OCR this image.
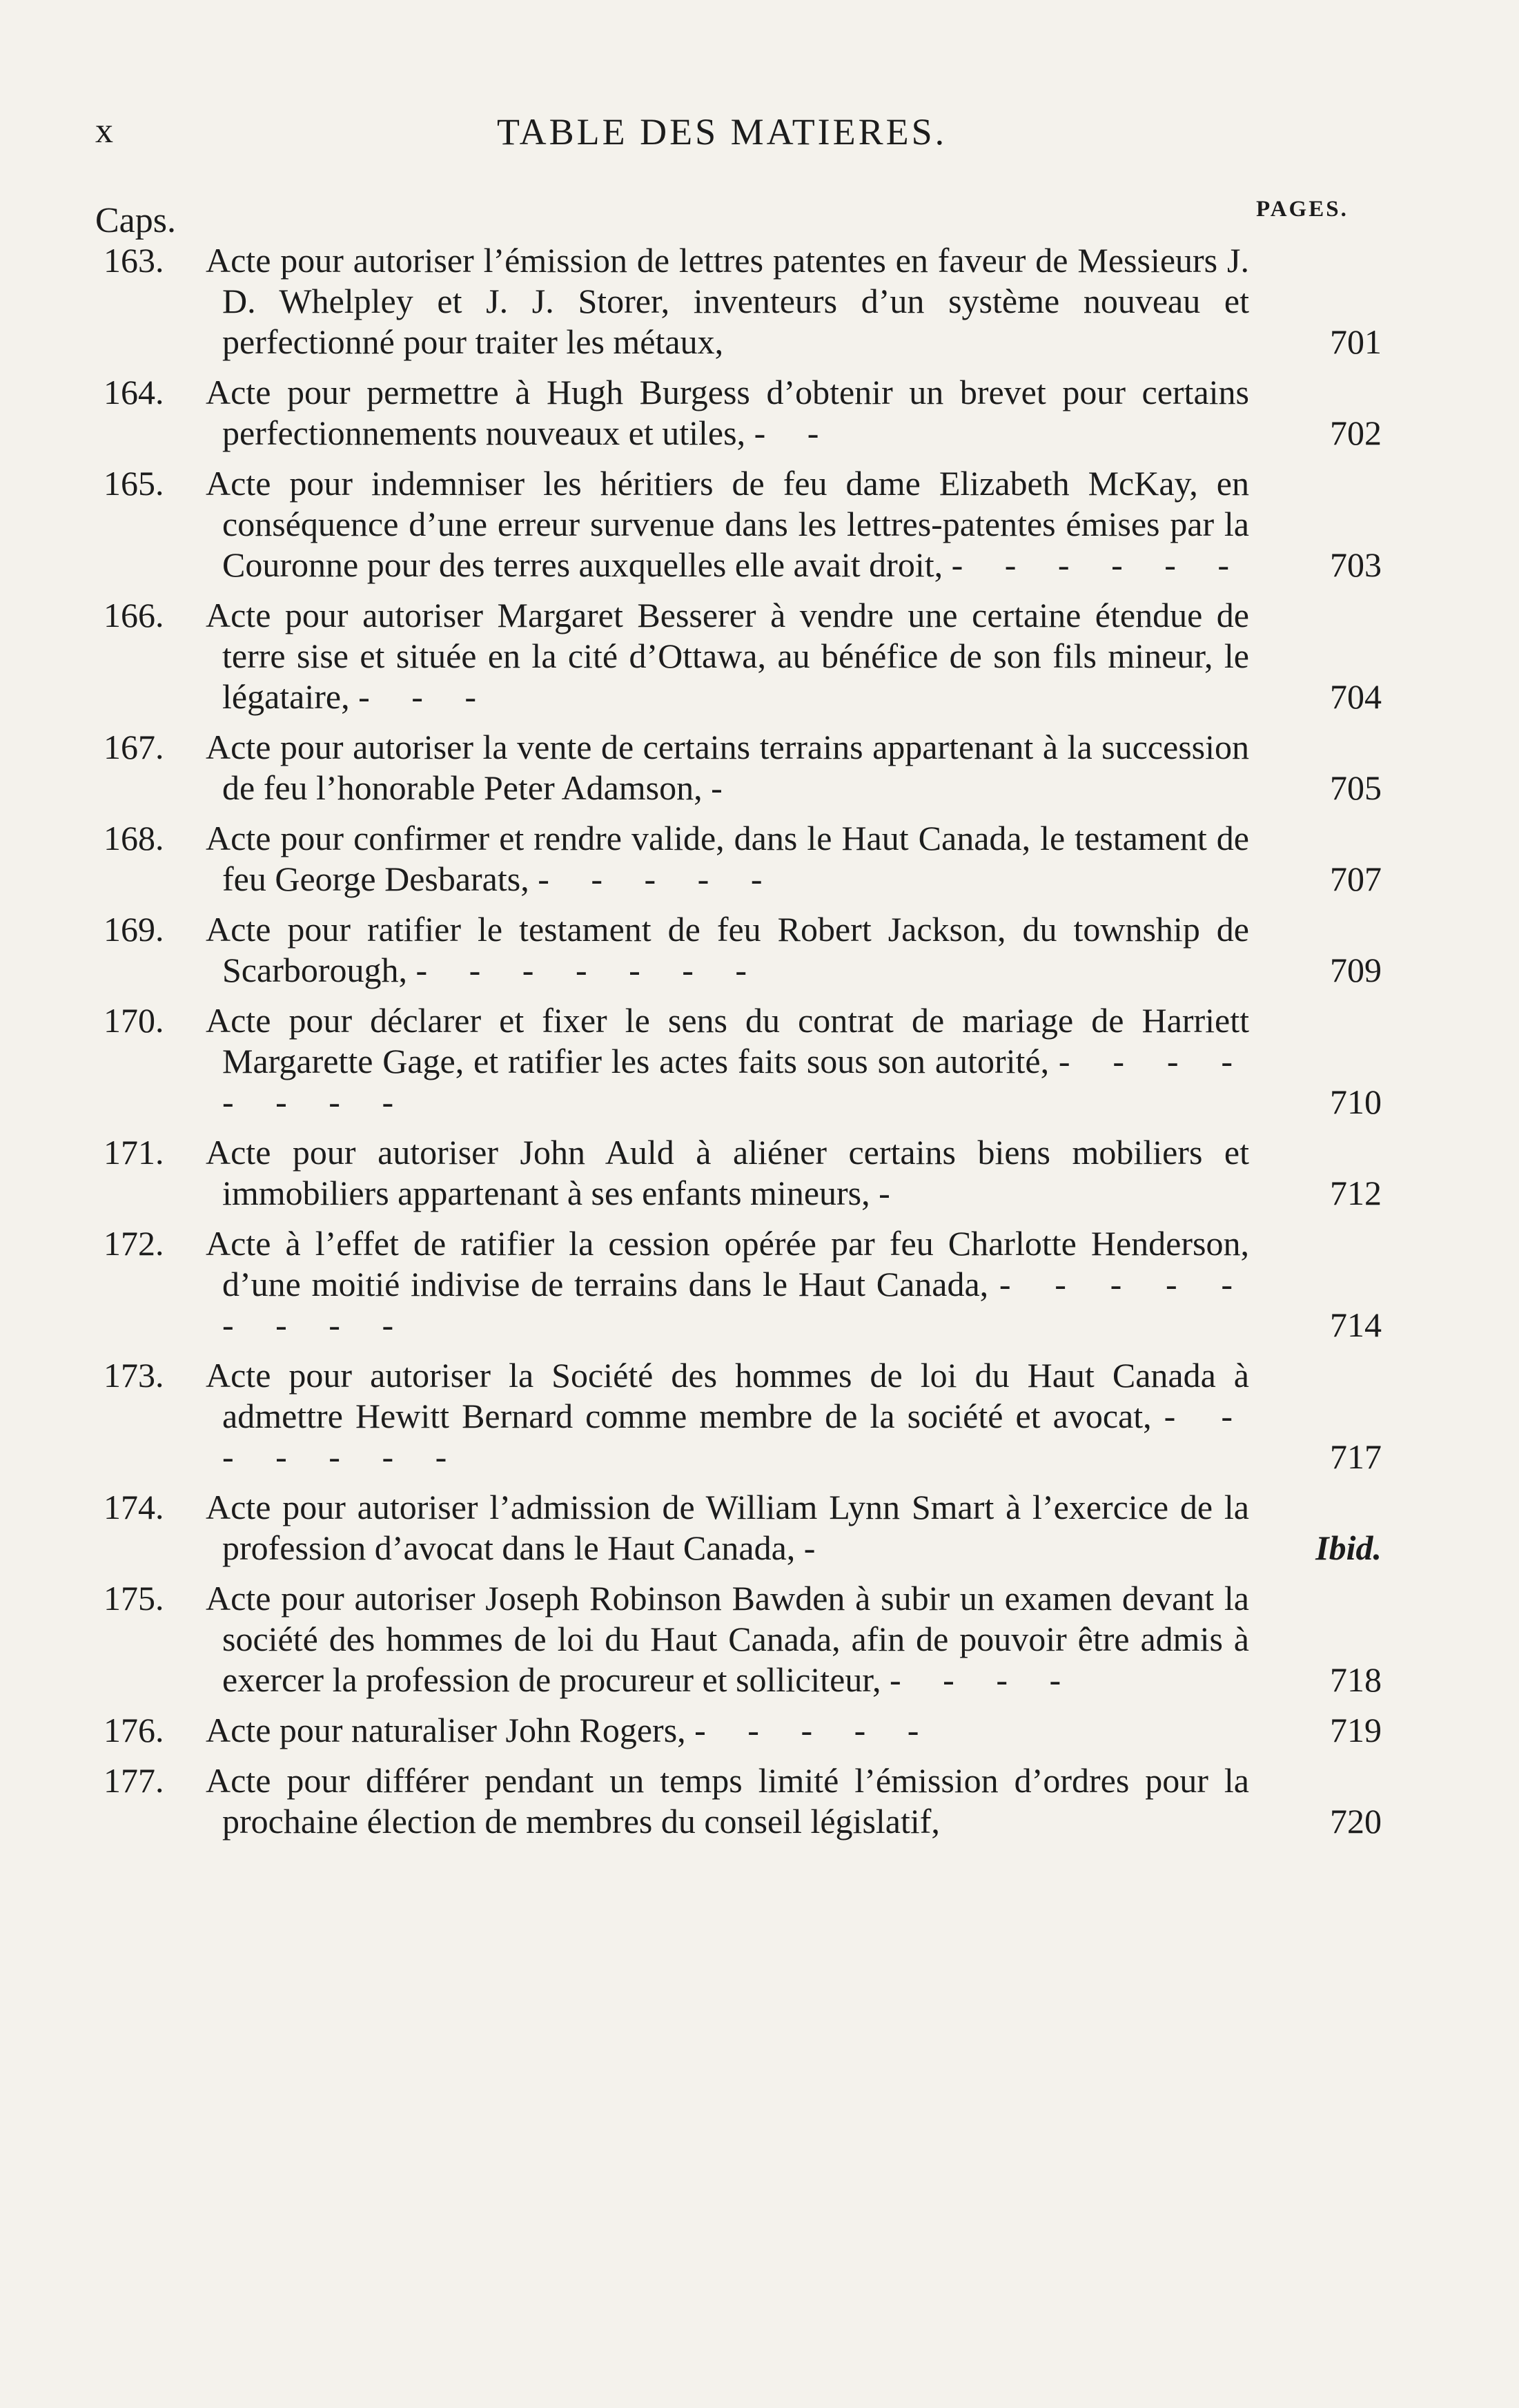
x	TABLE DES MATIERES.
Caps.	PAGES.

163. Acte pour autoriser l’émission de lettres patentes en faveur de Messieurs J. D. Whelpley et J. J. Storer, inventeurs d’un système nouveau et perfectionné pour traiter les métaux,	701

164. Acte pour permettre à Hugh Burgess d’obtenir un brevet pour certains perfectionnements nouveaux et utiles, - -	702

165. Acte pour indemniser les héritiers de feu dame Elizabeth McKay, en conséquence d’une erreur survenue dans les lettres-patentes émises par la Couronne pour des terres auxquelles elle avait droit, - - - - - -	703

166. Acte pour autoriser Margaret Besserer à vendre une certaine étendue de terre sise et située en la cité d’Ottawa, au bénéfice de son fils mineur, le légataire, - - -	704

167. Acte pour autoriser la vente de certains terrains appartenant à la succession de feu l’honorable Peter Adamson, -	705

168. Acte pour confirmer et rendre valide, dans le Haut Canada, le testament de feu George Desbarats, - - - - -	707

169. Acte pour ratifier le testament de feu Robert Jackson, du township de Scarborough, - - - - - - -	709

170. Acte pour déclarer et fixer le sens du contrat de mariage de Harriett Margarette Gage, et ratifier les actes faits sous son autorité, - - - - - - - -	710

171. Acte pour autoriser John Auld à aliéner certains biens mobiliers et immobiliers appartenant à ses enfants mineurs, -	712

172. Acte à l’effet de ratifier la cession opérée par feu Charlotte Henderson, d’une moitié indivise de terrains dans le Haut Canada, - - - - - - - - -	714

173. Acte pour autoriser la Société des hommes de loi du Haut Canada à admettre Hewitt Bernard comme membre de la société et avocat, - - - - - - -	717

174. Acte pour autoriser l’admission de William Lynn Smart à l’exercice de la profession d’avocat dans le Haut Canada, -	Ibid.

175. Acte pour autoriser Joseph Robinson Bawden à subir un examen devant la société des hommes de loi du Haut Canada, afin de pouvoir être admis à exercer la profession de procureur et solliciteur, - - - -	718

176. Acte pour naturaliser John Rogers, - - - - -	719

177. Acte pour différer pendant un temps limité l’émission d’ordres pour la prochaine élection de membres du conseil législatif,	720
